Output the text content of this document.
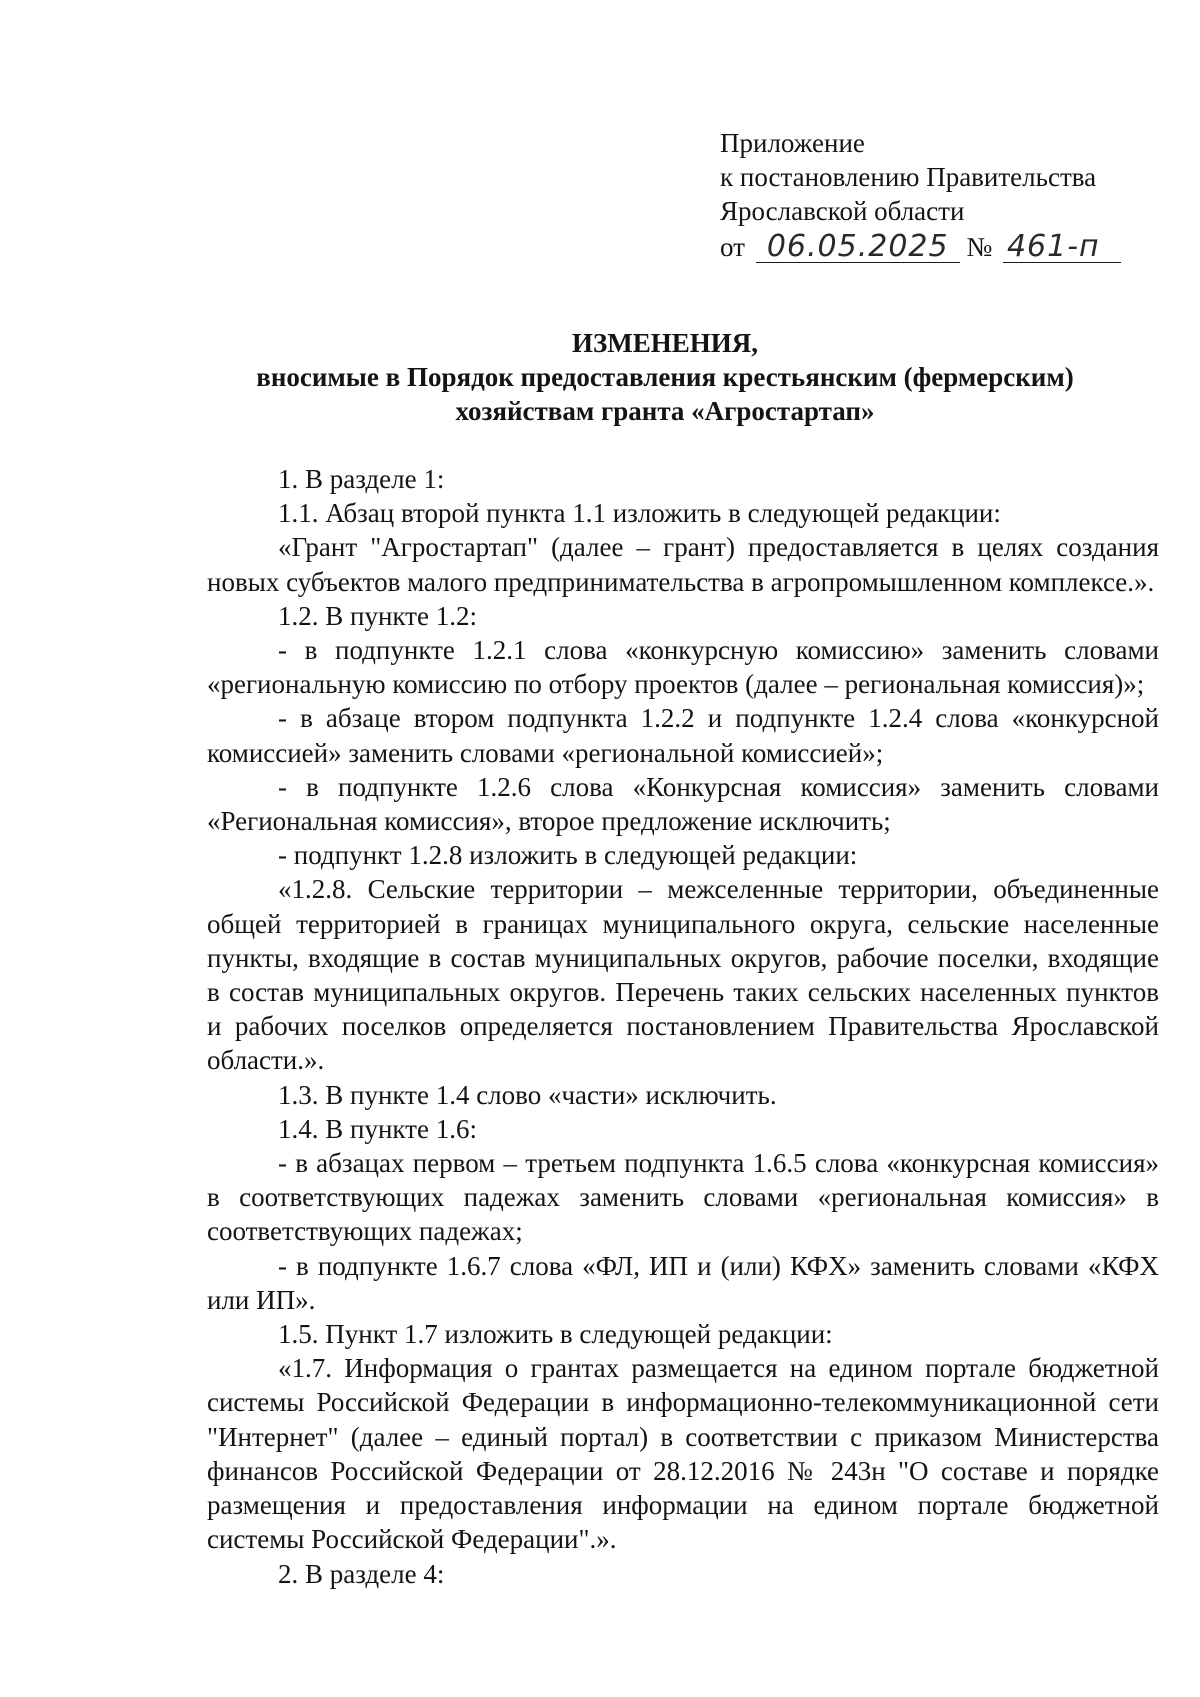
Приложение
к постановлению Правительства
Ярославской области
от 06.05.2025 № 461-п
ИЗМЕНЕНИЯ,
вносимые в Порядок предоставления крестьянским (фермерским)
хозяйствам гранта «Агростартап»

1. В разделе 1:

1.1. Абзац второй пункта 1.1 изложить в следующей редакции:

«Грант "Агростартап" (далее – грант) предоставляется в целях создания новых субъектов малого предпринимательства в агропромышленном комплексе.».

1.2. В пункте 1.2:

- в подпункте 1.2.1 слова «конкурсную комиссию» заменить словами «региональную комиссию по отбору проектов (далее – региональная комиссия)»;

- в абзаце втором подпункта 1.2.2 и подпункте 1.2.4 слова «конкурсной комиссией» заменить словами «региональной комиссией»;

- в подпункте 1.2.6 слова «Конкурсная комиссия» заменить словами «Региональная комиссия», второе предложение исключить;

- подпункт 1.2.8 изложить в следующей редакции:

«1.2.8. Сельские территории – межселенные территории, объединенные общей территорией в границах муниципального округа, сельские населенные пункты, входящие в состав муниципальных округов, рабочие поселки, входящие в состав муниципальных округов. Перечень таких сельских населенных пунктов и рабочих поселков определяется постановлением Правительства Ярославской области.».

1.3. В пункте 1.4 слово «части» исключить.

1.4. В пункте 1.6:

- в абзацах первом – третьем подпункта 1.6.5 слова «конкурсная комиссия» в соответствующих падежах заменить словами «региональная комиссия» в соответствующих падежах;

- в подпункте 1.6.7 слова «ФЛ, ИП и (или) КФХ» заменить словами «КФХ или ИП».

1.5. Пункт 1.7 изложить в следующей редакции:

«1.7. Информация о грантах размещается на едином портале бюджетной системы Российской Федерации в информационно-телекоммуникационной сети "Интернет" (далее – единый портал) в соответствии с приказом Министерства финансов Российской Федерации от 28.12.2016 № 243н "О составе и порядке размещения и предоставления информации на едином портале бюджетной системы Российской Федерации".».

2. В разделе 4:
